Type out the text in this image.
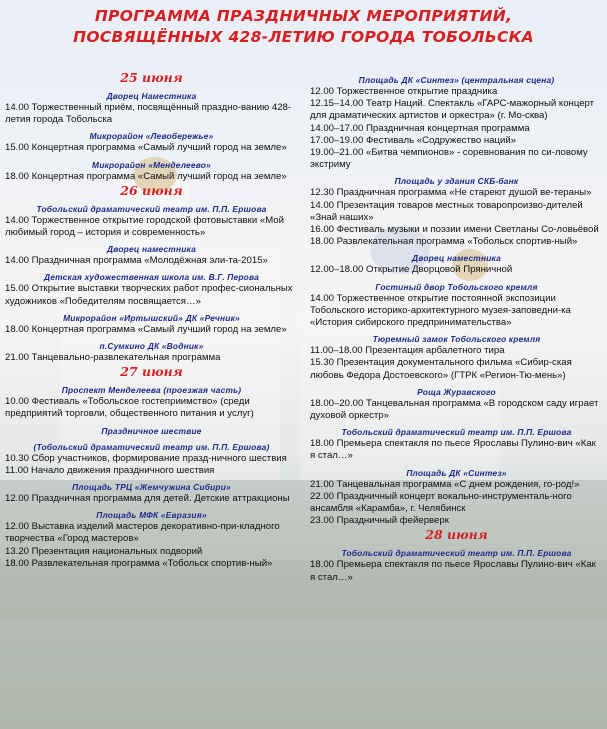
ПРОГРАММА ПРАЗДНИЧНЫХ МЕРОПРИЯТИЙ,
ПОСВЯЩЁННЫХ 428-ЛЕТИЮ ГОРОДА ТОБОЛЬСКА
25 июня
Дворец Наместника
14.00 Торжественный приём, посвящённый праздно-ванию 428-летия города Тобольска
Микрорайон «Левобережье»
15.00 Концертная программа «Самый лучший город на земле»
Микрорайон «Менделеево»
18.00 Концертная программа «Самый лучший город на земле»
26 июня
Тобольский драматический театр им. П.П. Ершова
14.00 Торжественное открытие городской фотовыставки «Мой любимый город – история и современность»
Дворец наместника
14.00 Праздничная программа «Молодёжная эли-та-2015»
Детская художественная школа им. В.Г. Перова
15.00 Открытие выставки творческих работ профес-сиональных художников «Победителям посвящается…»
Микрорайон «Иртышский» ДК «Речник»
18.00 Концертная программа «Самый лучший город на земле»
п.Сумкино ДК «Водник»
21.00 Танцевально-развлекательная программа
27 июня
Проспект Менделеева (проезжая часть)
10.00 Фестиваль «Тобольское гостеприимство» (среди предприятий торговли, общественного питания и услуг)
Праздничное шествие
(Тобольский драматический театр им. П.П. Ершова)
10.30 Сбор участников, формирование празд-ничного шествия
11.00 Начало движения праздничного шествия
Площадь ТРЦ «Жемчужина Сибири»
12.00 Праздничная программа для детей. Детские аттракционы
Площадь МФК «Евразия»
12.00 Выставка изделий мастеров декоративно-при-кладного творчества «Город мастеров»
13.20 Презентация национальных подворий
18.00 Развлекательная программа «Тобольск спортив-ный»
Площадь ДК «Синтез» (центральная сцена)
12.00 Торжественное открытие праздника
12.15–14.00 Театр Наций. Спектакль «ГАРС-мажорный концерт для драматических артистов и оркестра» (г. Мо-сква)
14.00–17.00 Праздничная концертная программа
17.00–19.00 Фестиваль «Содружество наций»
19.00–21.00 «Битва чемпионов» - соревнования по си-ловому экстриму
Площадь у здания СКБ-банк
12.30 Праздничная программа «Не стареют душой ве-тераны»
14.00 Презентация товаров местных товаропроизво-дителей «Знай наших»
16.00 Фестиваль музыки и поэзии имени Светланы Со-ловьёвой
18.00 Развлекательная программа «Тобольск спортив-ный»
Дворец наместника
12.00–18.00 Открытие Дворцовой Пряничной
Гостиный двор Тобольского кремля
14.00 Торжественное открытие постоянной экспозиции Тобольского историко-архитектурного музея-заповедни-ка «История сибирского предпринимательства»
Тюремный замок Тобольского кремля
11.00–18.00 Презентация арбалетного тира
15.30 Презентация документального фильма «Сибир-ская любовь Федора Достоевского» (ГТРК «Регион-Тю-мень»)
Роща Журавского
18.00–20.00 Танцевальная программа «В городском саду играет духовой оркестр»
Тобольский драматический театр им. П.П. Ершова
18.00 Премьера спектакля по пьесе Ярославы Пулино-вич «Как я стал…»
Площадь ДК «Синтез»
21.00 Танцевальная программа «С днем рождения, го-род!»
22.00 Праздничный концерт вокально-инструменталь-ного ансамбля «Карамба», г. Челябинск
23.00 Праздничный фейерверк
28 июня
Тобольский драматический театр им. П.П. Ершова
18.00 Премьера спектакля по пьесе Ярославы Пулино-вич «Как я стал…»
